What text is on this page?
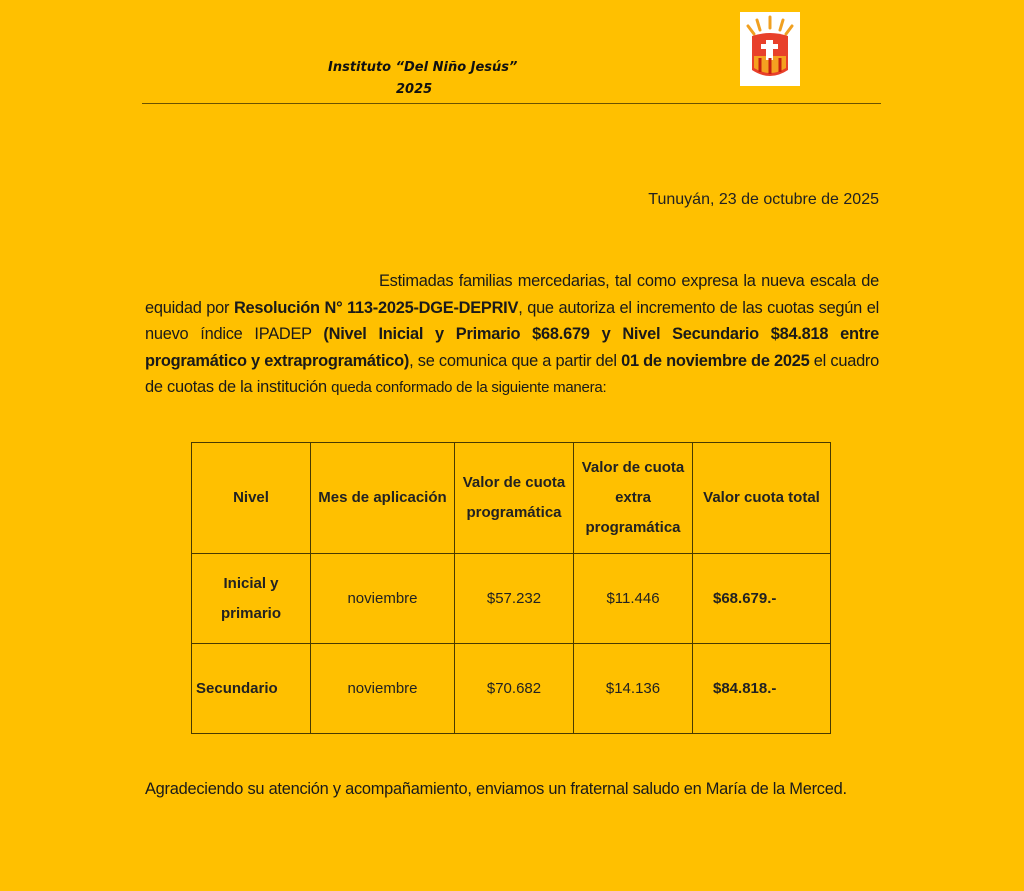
Instituto “Del Niño Jesús”
2025
Tunuyán, 23 de octubre de 2025
Estimadas familias mercedarias, tal como expresa la nueva escala de equidad por Resolución N° 113-2025-DGE-DEPRIV, que autoriza el incremento de las cuotas según el nuevo índice IPADEP (Nivel Inicial y Primario $68.679 y Nivel Secundario $84.818 entre programático y extraprogramático), se comunica que a partir del 01 de noviembre de 2025 el cuadro de cuotas de la institución queda conformado de la siguiente manera:
Nivel	Mes de aplicación	Valor de cuota programática	Valor de cuota extra programática	Valor cuota total
Inicial y primario	noviembre	$57.232	$11.446	$68.679.-
Secundario	noviembre	$70.682	$14.136	$84.818.-
Agradeciendo su atención y acompañamiento, enviamos un fraternal saludo en María de la Merced.
